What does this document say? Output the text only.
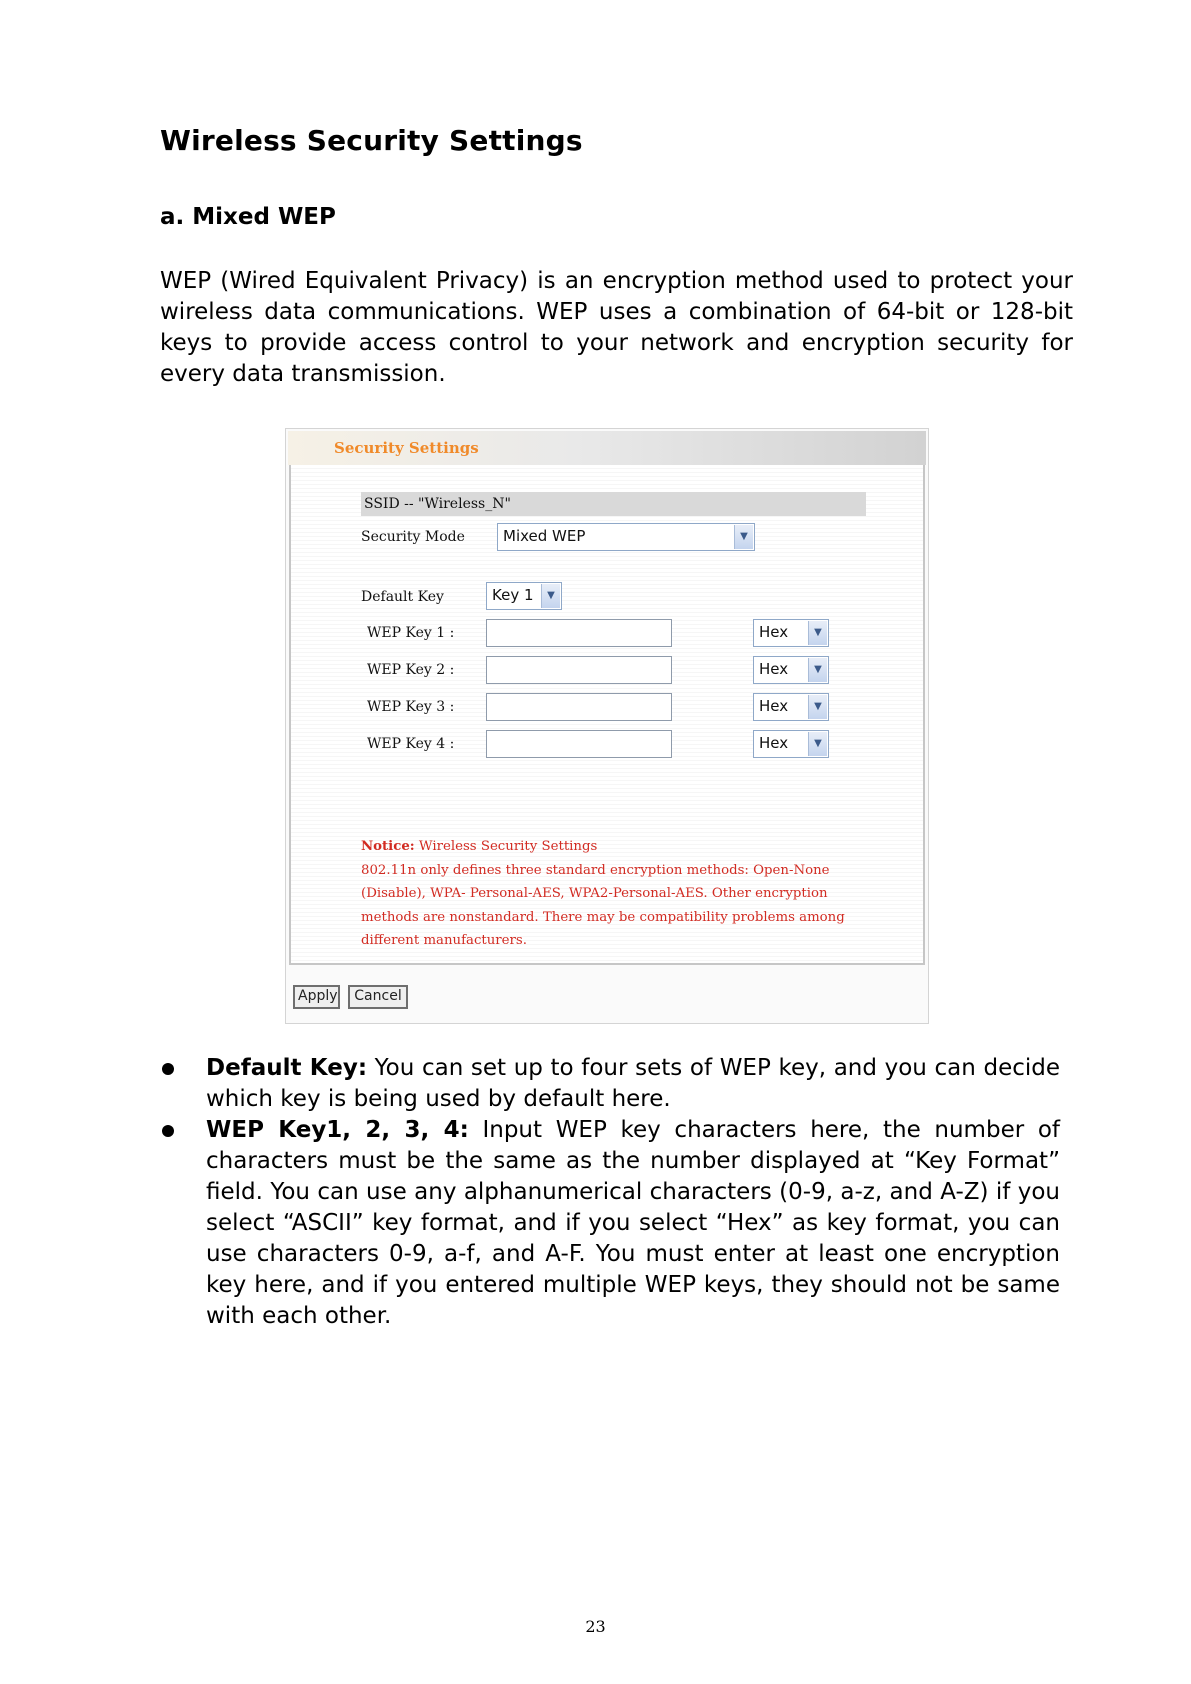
Wireless Security Settings
a. Mixed WEP

WEP (Wired Equivalent Privacy) is an encryption method used to protect your wireless data communications. WEP uses a combination of 64-bit or 128-bit keys to provide access control to your network and encryption security for every data transmission.

Security Settings
SSID -- "Wireless_N"
Security Mode	Mixed WEP	▼
Default Key	Key 1	▼
WEP Key 1 :	Hex	▼
WEP Key 2 :	Hex	▼
WEP Key 3 :	Hex	▼
WEP Key 4 :	Hex	▼
Notice: Wireless Security Settings
802.11n only defines three standard encryption methods: Open-None (Disable), WPA- Personal-AES, WPA2-Personal-AES. Other encryption methods are nonstandard. There may be compatibility problems among different manufacturers.
Apply	Cancel
Default Key: You can set up to four sets of WEP key, and you can decide which key is being used by default here.
WEP Key1, 2, 3, 4: Input WEP key characters here, the number of characters must be the same as the number displayed at “Key Format” field. You can use any alphanumerical characters (0-9, a-z, and A-Z) if you select “ASCII” key format, and if you select “Hex” as key format, you can use characters 0-9, a-f, and A-F. You must enter at least one encryption key here, and if you entered multiple WEP keys, they should not be same with each other.
23
